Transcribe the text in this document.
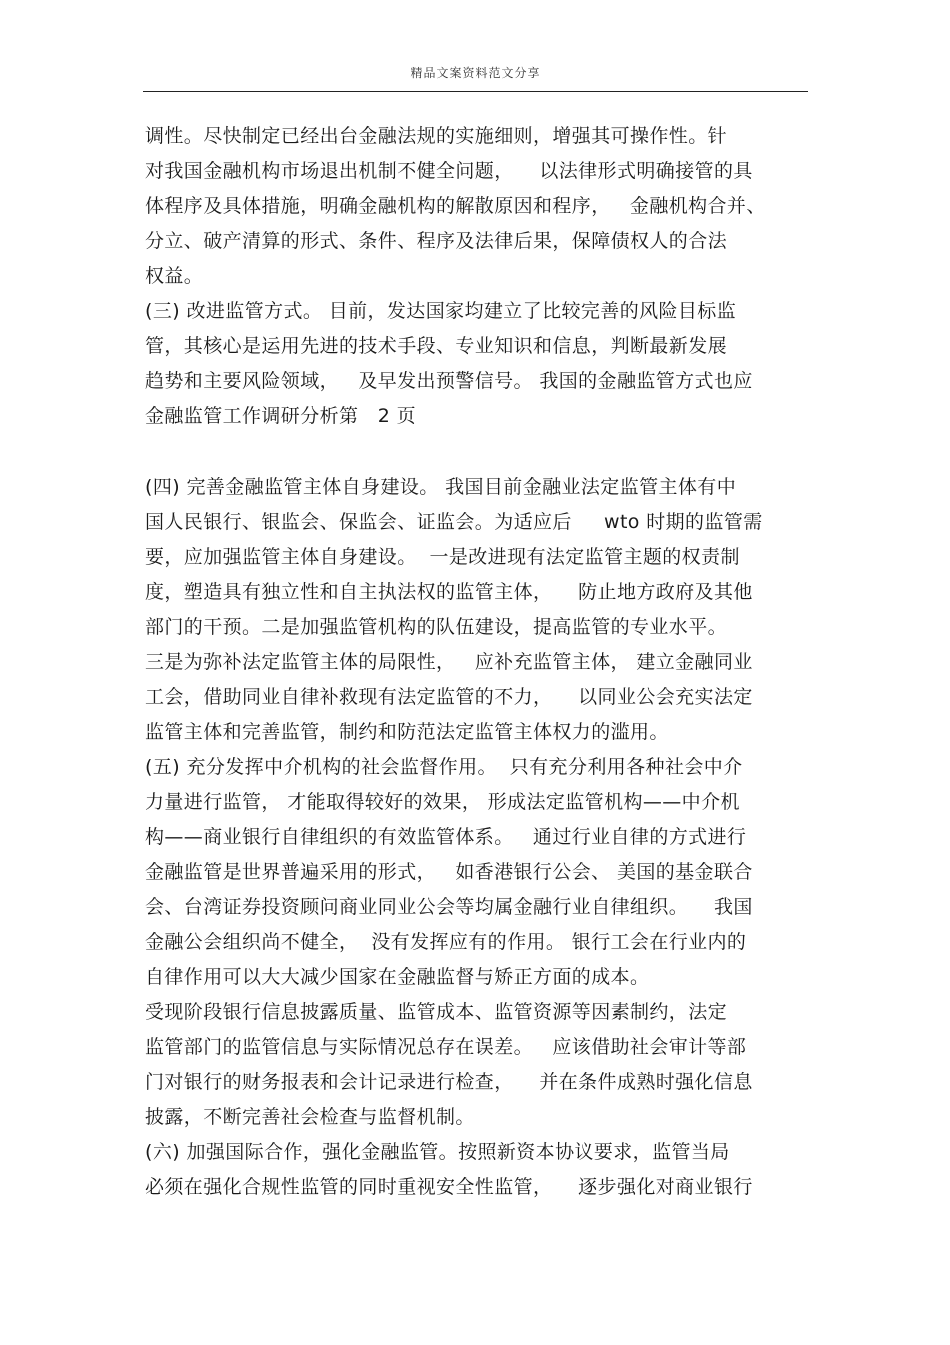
精品文案资料范文分享
调性。尽快制定已经出台金融法规的实施细则，增强其可操作性。针
对我国金融机构市场退出机制不健全问题，    以法律形式明确接管的具
体程序及具体措施，明确金融机构的解散原因和程序，   金融机构合并、
分立、破产清算的形式、条件、程序及法律后果，保障债权人的合法
权益。
(三) 改进监管方式。 目前，发达国家均建立了比较完善的风险目标监
管，其核心是运用先进的技术手段、专业知识和信息，判断最新发展
趋势和主要风险领域，   及早发出预警信号。 我国的金融监管方式也应
金融监管工作调研分析第   2 页
(四) 完善金融监管主体自身建设。 我国目前金融业法定监管主体有中
国人民银行、银监会、保监会、证监会。为适应后     wto 时期的监管需
要，应加强监管主体自身建设。  一是改进现有法定监管主题的权责制
度，塑造具有独立性和自主执法权的监管主体，    防止地方政府及其他
部门的干预。二是加强监管机构的队伍建设，提高监管的专业水平。
三是为弥补法定监管主体的局限性，   应补充监管主体， 建立金融同业
工会，借助同业自律补救现有法定监管的不力，    以同业公会充实法定
监管主体和完善监管，制约和防范法定监管主体权力的滥用。
(五) 充分发挥中介机构的社会监督作用。  只有充分利用各种社会中介
力量进行监管， 才能取得较好的效果， 形成法定监管机构——中介机
构——商业银行自律组织的有效监管体系。   通过行业自律的方式进行
金融监管是世界普遍采用的形式，   如香港银行公会、 美国的基金联合
会、台湾证券投资顾问商业同业公会等均属金融行业自律组织。    我国
金融公会组织尚不健全，  没有发挥应有的作用。 银行工会在行业内的
自律作用可以大大减少国家在金融监督与矫正方面的成本。
受现阶段银行信息披露质量、监管成本、监管资源等因素制约，法定
监管部门的监管信息与实际情况总存在误差。   应该借助社会审计等部
门对银行的财务报表和会计记录进行检查，    并在条件成熟时强化信息
披露，不断完善社会检查与监督机制。
(六) 加强国际合作，强化金融监管。按照新资本协议要求，监管当局
必须在强化合规性监管的同时重视安全性监管，    逐步强化对商业银行
